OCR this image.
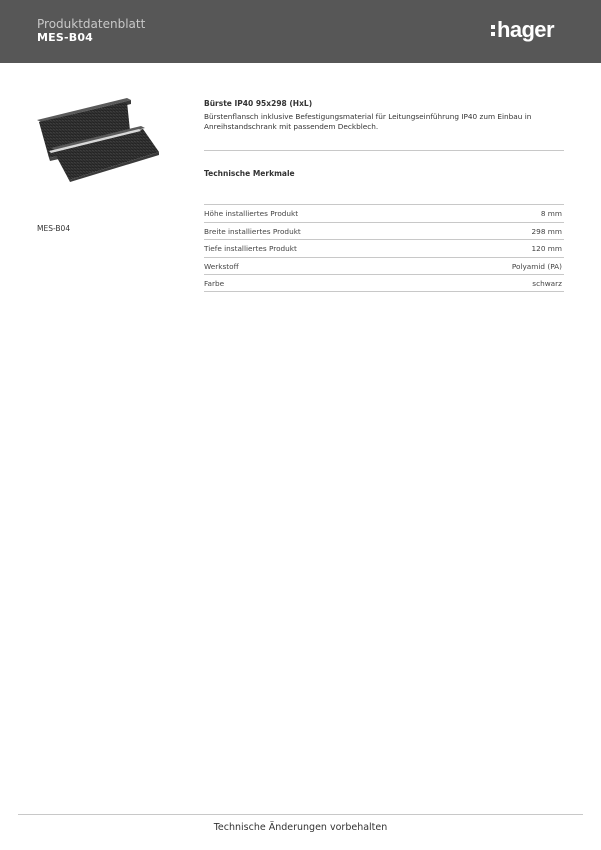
Produktdatenblatt
MES-B04	hager
MES-B04
Bürste IP40 95x298 (HxL)
Bürstenflansch inklusive Befestigungsmaterial für Leitungseinführung IP40 zum Einbau in Anreihstandschrank mit passendem Deckblech.
Technische Merkmale
Höhe installiertes Produkt	8 mm
Breite installiertes Produkt	298 mm
Tiefe installiertes Produkt	120 mm
Werkstoff	Polyamid (PA)
Farbe	schwarz
Technische Änderungen vorbehalten
